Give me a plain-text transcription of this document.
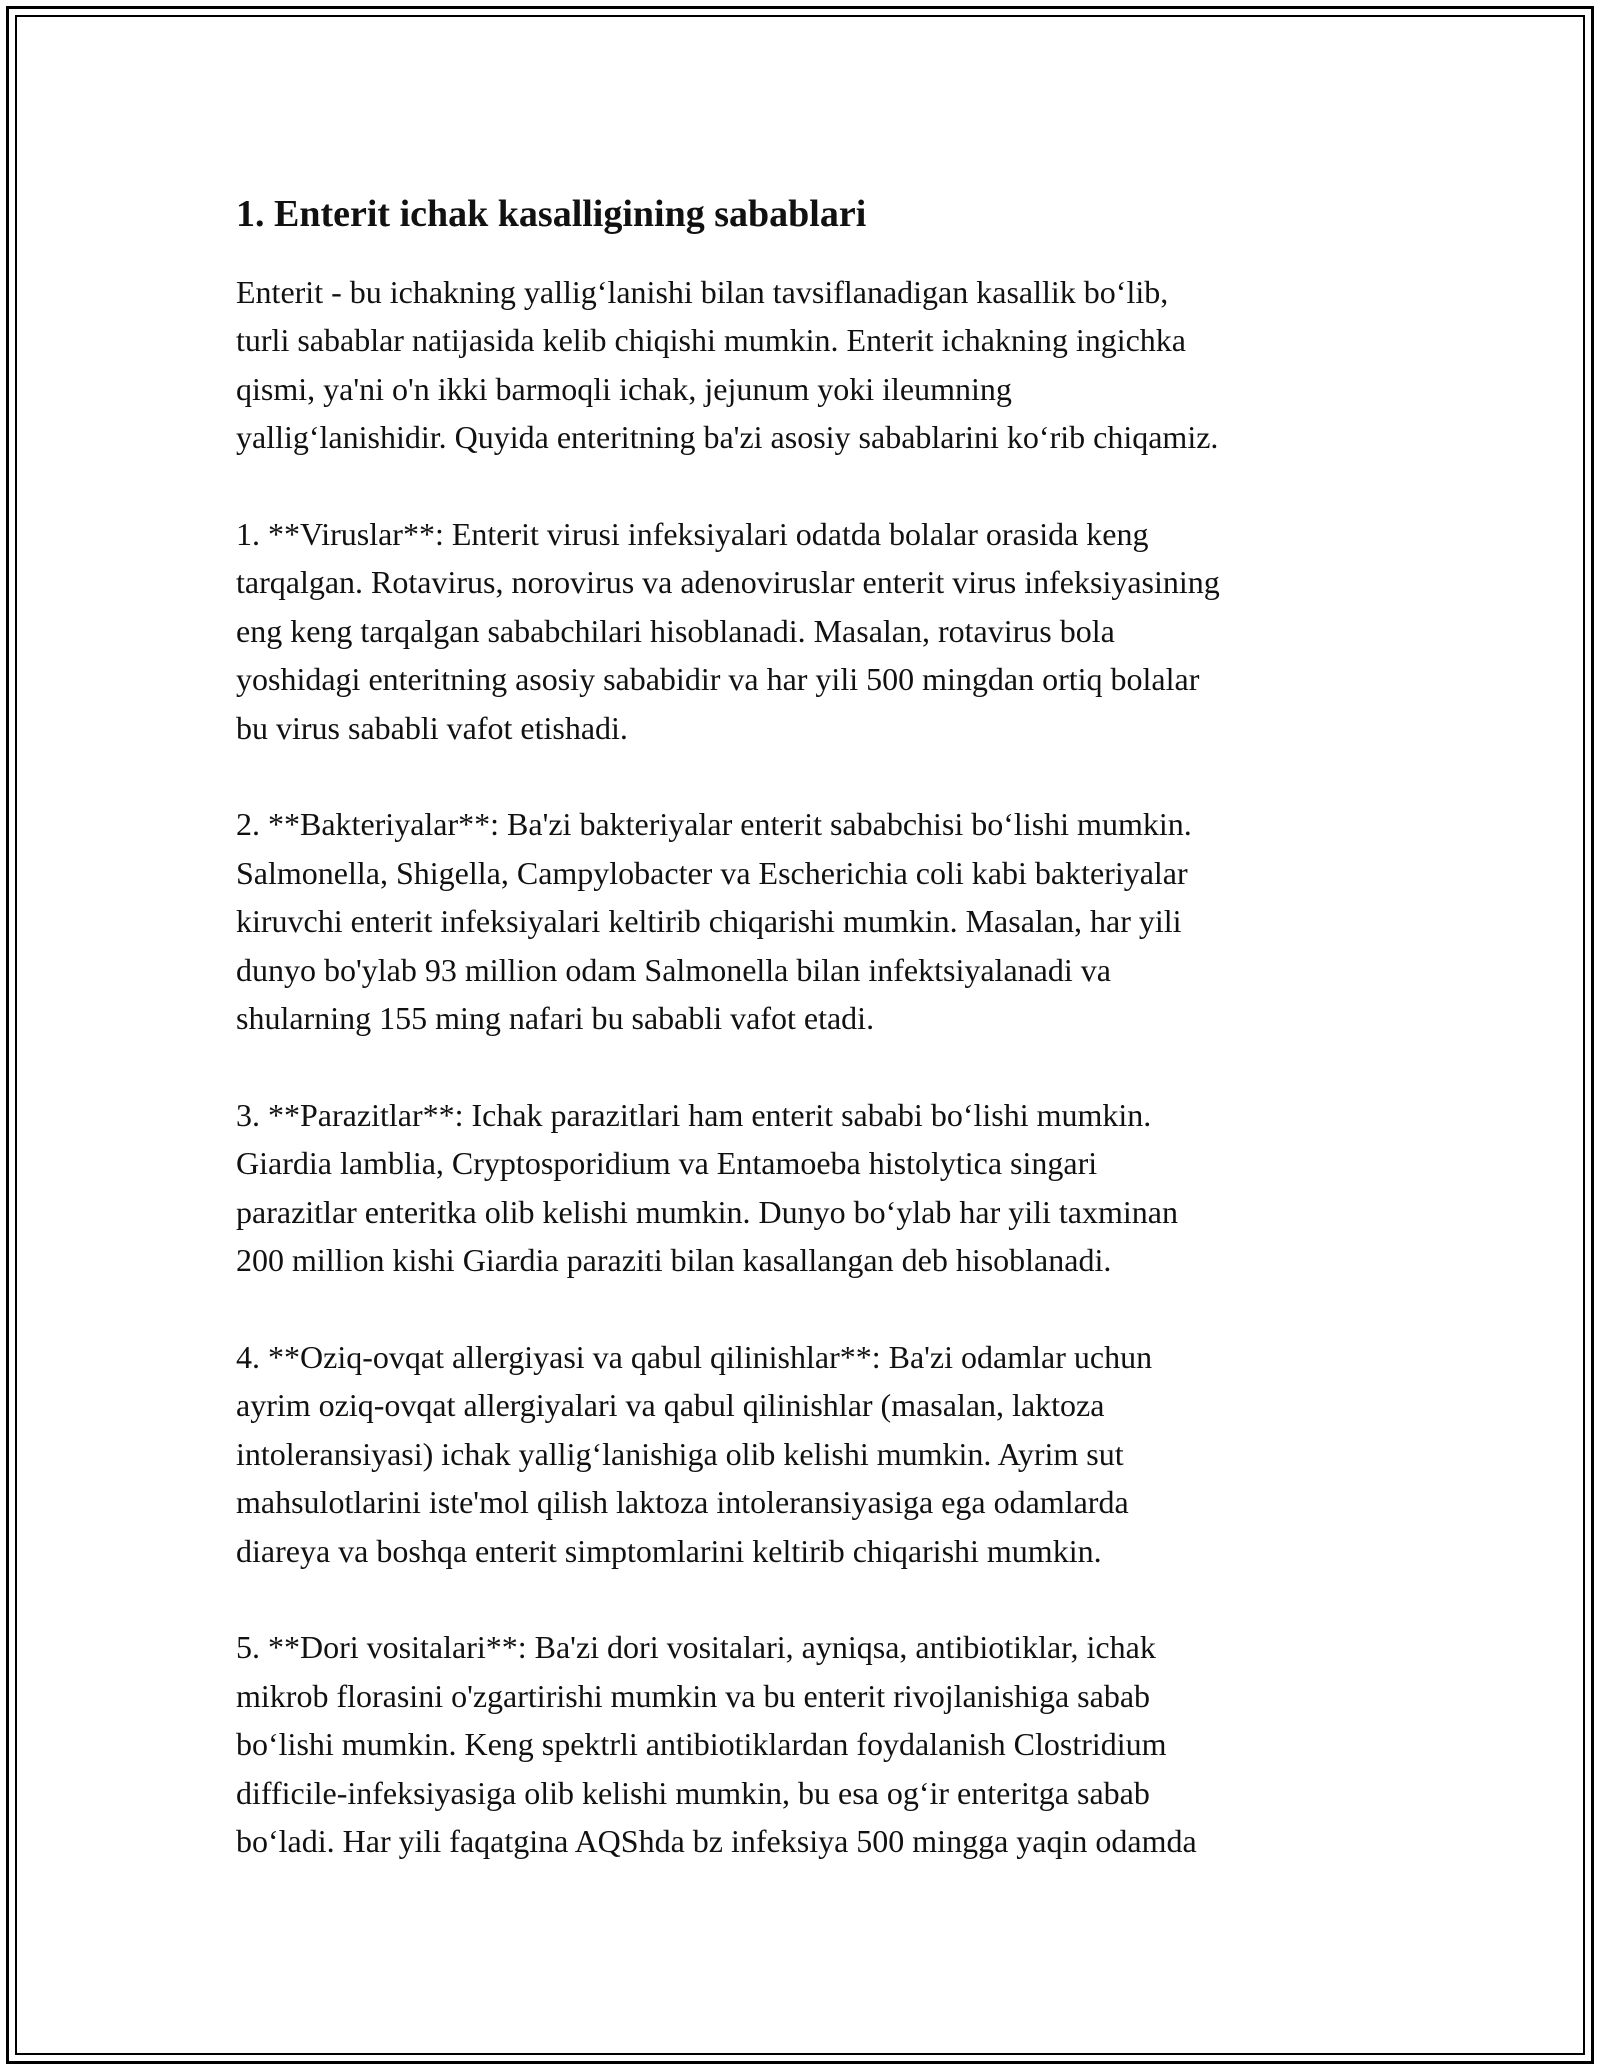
1. Enterit ichak kasalligining sabablari

Enterit - bu ichakning yallig‘lanishi bilan tavsiflanadigan kasallik bo‘lib,
turli sabablar natijasida kelib chiqishi mumkin. Enterit ichakning ingichka
qismi, ya'ni o'n ikki barmoqli ichak, jejunum yoki ileumning
yallig‘lanishidir. Quyida enteritning ba'zi asosiy sabablarini ko‘rib chiqamiz.

1. **Viruslar**: Enterit virusi infeksiyalari odatda bolalar orasida keng
tarqalgan. Rotavirus, norovirus va adenoviruslar enterit virus infeksiyasining
eng keng tarqalgan sababchilari hisoblanadi. Masalan, rotavirus bola
yoshidagi enteritning asosiy sababidir va har yili 500 mingdan ortiq bolalar
bu virus sababli vafot etishadi.

2. **Bakteriyalar**: Ba'zi bakteriyalar enterit sababchisi bo‘lishi mumkin.
Salmonella, Shigella, Campylobacter va Escherichia coli kabi bakteriyalar
kiruvchi enterit infeksiyalari keltirib chiqarishi mumkin. Masalan, har yili
dunyo bo'ylab 93 million odam Salmonella bilan infektsiyalanadi va
shularning 155 ming nafari bu sababli vafot etadi.

3. **Parazitlar**: Ichak parazitlari ham enterit sababi bo‘lishi mumkin.
Giardia lamblia, Cryptosporidium va Entamoeba histolytica singari
parazitlar enteritka olib kelishi mumkin. Dunyo bo‘ylab har yili taxminan
200 million kishi Giardia paraziti bilan kasallangan deb hisoblanadi.

4. **Oziq-ovqat allergiyasi va qabul qilinishlar**: Ba'zi odamlar uchun
ayrim oziq-ovqat allergiyalari va qabul qilinishlar (masalan, laktoza
intoleransiyasi) ichak yallig‘lanishiga olib kelishi mumkin. Ayrim sut
mahsulotlarini iste'mol qilish laktoza intoleransiyasiga ega odamlarda
diareya va boshqa enterit simptomlarini keltirib chiqarishi mumkin.

5. **Dori vositalari**: Ba'zi dori vositalari, ayniqsa, antibiotiklar, ichak
mikrob florasini o'zgartirishi mumkin va bu enterit rivojlanishiga sabab
bo‘lishi mumkin. Keng spektrli antibiotiklardan foydalanish Clostridium
difficile-infeksiyasiga olib kelishi mumkin, bu esa og‘ir enteritga sabab
bo‘ladi. Har yili faqatgina AQShda bz infeksiya 500 mingga yaqin odamda
